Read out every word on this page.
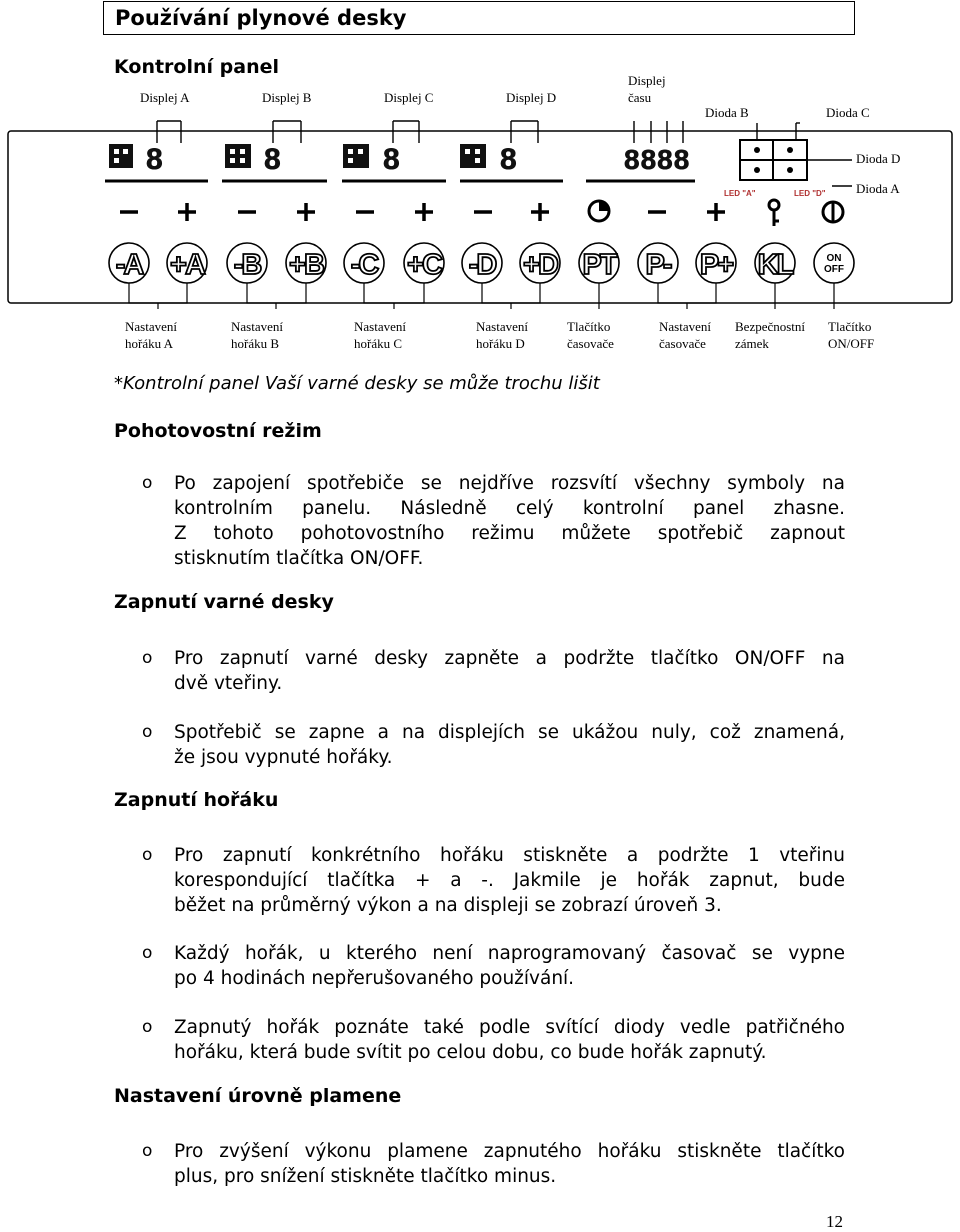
Používání plynové desky
Kontrolní panel
Displej A	Displej B	Displej C	Displej D
Displej
času
Dioda B	Dioda C
Dioda D
Dioda A
8	8	8	8	8888
LED "A"	LED "D"
-A +A -B +B -C +C -D +D PT P- P+ KL	ON
OFF
Nastavení
hořáku A
Nastavení
hořáku B
Nastavení
hořáku C
Nastavení
hořáku D
Tlačítko
časovače
Nastavení
časovače
Bezpečnostní
zámek
Tlačítko
ON/OFF
*Kontrolní panel Vaší varné desky se může trochu lišit
Pohotovostní režim
o Po zapojení spotřebiče se nejdříve rozsvítí všechny symboly na
kontrolním panelu. Následně celý kontrolní panel zhasne.
Z tohoto pohotovostního režimu můžete spotřebič zapnout
stisknutím tlačítka ON/OFF.
Zapnutí varné desky
o Pro zapnutí varné desky zapněte a podržte tlačítko ON/OFF na
dvě vteřiny.
o Spotřebič se zapne a na displejích se ukážou nuly, což znamená,
že jsou vypnuté hořáky.
Zapnutí hořáku
o Pro zapnutí konkrétního hořáku stiskněte a podržte 1 vteřinu
korespondující tlačítka + a -. Jakmile je hořák zapnut, bude
běžet na průměrný výkon a na displeji se zobrazí úroveň 3.
o Každý hořák, u kterého není naprogramovaný časovač se vypne
po 4 hodinách nepřerušovaného používání.
o Zapnutý hořák poznáte také podle svítící diody vedle patřičného
hořáku, která bude svítit po celou dobu, co bude hořák zapnutý.
Nastavení úrovně plamene
o Pro zvýšení výkonu plamene zapnutého hořáku stiskněte tlačítko
plus, pro snížení stiskněte tlačítko minus.
12
